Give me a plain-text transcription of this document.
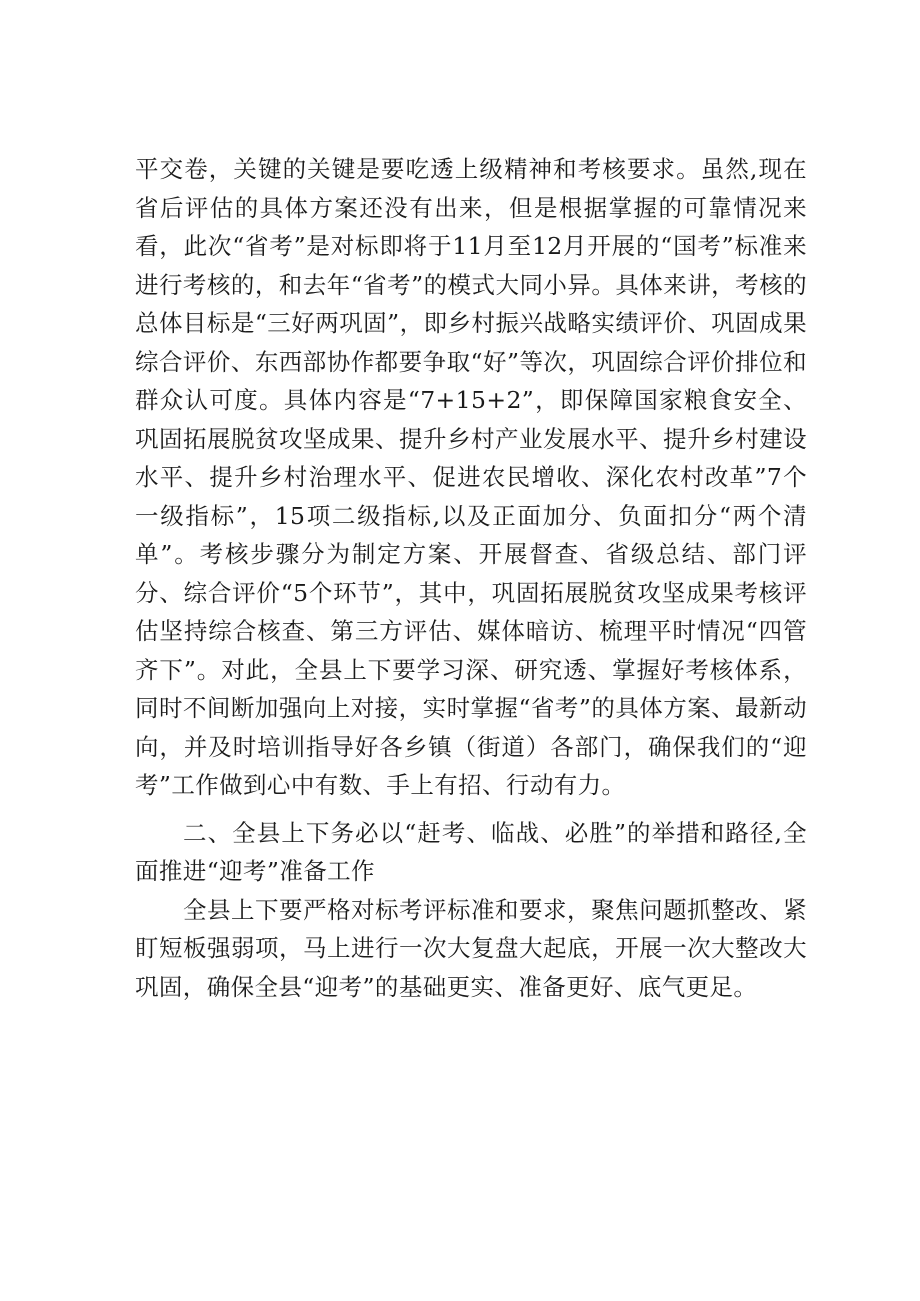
平交卷，关键的关键是要吃透上级精神和考核要求。虽然,现在省后评估的具体方案还没有出来，但是根据掌握的可靠情况来看，此次“省考”是对标即将于11月至12月开展的“国考”标准来进行考核的，和去年“省考”的模式大同小异。具体来讲，考核的总体目标是“三好两巩固”，即乡村振兴战略实绩评价、巩固成果综合评价、东西部协作都要争取“好”等次，巩固综合评价排位和群众认可度。具体内容是“7+15+2”，即保障国家粮食安全、巩固拓展脱贫攻坚成果、提升乡村产业发展水平、提升乡村建设水平、提升乡村治理水平、促进农民增收、深化农村改革”7个一级指标”，15项二级指标,以及正面加分、负面扣分“两个清单”。考核步骤分为制定方案、开展督查、省级总结、部门评分、综合评价“5个环节”，其中，巩固拓展脱贫攻坚成果考核评估坚持综合核查、第三方评估、媒体暗访、梳理平时情况“四管齐下”。对此，全县上下要学习深、研究透、掌握好考核体系，同时不间断加强向上对接，实时掌握“省考”的具体方案、最新动向，并及时培训指导好各乡镇（街道）各部门，确保我们的“迎考”工作做到心中有数、手上有招、行动有力。

二、全县上下务必以“赶考、临战、必胜”的举措和路径,全面推进“迎考”准备工作

全县上下要严格对标考评标准和要求，聚焦问题抓整改、紧盯短板强弱项，马上进行一次大复盘大起底，开展一次大整改大巩固，确保全县“迎考”的基础更实、准备更好、底气更足。
